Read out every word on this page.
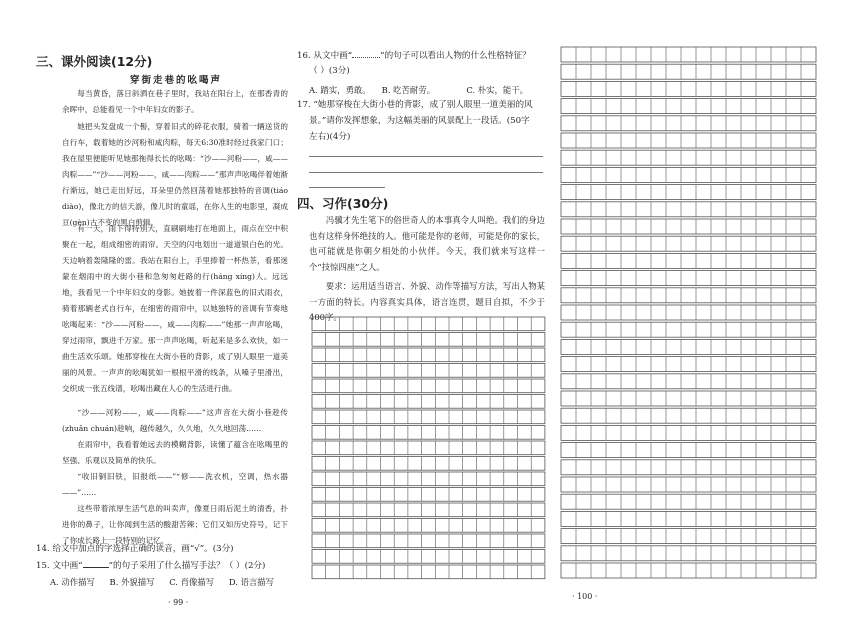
三、课外阅读(12分)
穿街走巷的吆喝声
每当黄昏，落日斜洒在巷子里时，我站在阳台上，在那香青的余晖中，总能看见一个中年妇女的影子。
她把头发盘成一个髻，穿着旧式的碎花衣服，骑着一辆送货的自行车，载着她的沙河粉和咸肉粽，每天6:30准时经过我家门口；我在屋里便能听见她那拖得长长的吆喝：“沙——河粉——，咸——肉粽——”“沙——河粉——，咸——肉粽——”那声声吆喝伴着她渐行渐远，她已走出好远，耳朵里仍然回荡着她那独特的音调(tiáo diào)，像北方的信天游，像儿时的童谣，在你人生的电影里，凝成亘(gèn)古不变的黑白剪辑。
有一天，雨下得特别大，直刷刷地打在地面上，雨点在空中积聚在一起，组成细密的雨帘。天空的闪电划出一道道银白色的光。天边响着轰隆隆的雷。我站在阳台上，手里捧着一杯热茶，看那迷蒙在烟雨中的大街小巷和急匆匆赶路的行(háng xíng)人。远远地，我看见一个中年妇女的身影。她披着一件深蓝色的旧式雨衣，骑着那辆老式自行车，在细密的雨帘中，以她独特的音调有节奏地吆喝起来：“沙——河粉——，咸——肉粽——”她那一声声吆喝，穿过雨帘，飘进千万家。那一声声吆喝，听起来是多么欢快，如一曲生活欢乐颂。她那穿梭在大街小巷的背影，成了别人眼里一道美丽的风景。一声声的吆喝犹如一根根平滑的线条，从嗓子里滑出，交织成一张五线谱，吆喝出藏在人心的生活进行曲。
“沙——河粉——，咸——肉粽——”这声音在大街小巷趁传(zhuǎn chuán)趁响，越传越久，久久地，久久地回荡……
在雨帘中，我看着她远去的模糊背影，读懂了蕴含在吆喝里的坚强、乐观以及简单的快乐。
“收旧铜旧铁，旧报纸——”“修——洗衣机，空调，热水器——”……
这些带着浓厚生活气息的叫卖声，像夏日雨后泥土的清香，扑进你的鼻子，让你闻到生活的酸甜苦辣；它们又如历史符号，记下了你成长路上一段特别的记忆。
14. 给文中加点的字选择正确的读音，画“√”。(3分)
15. 文中画“	”的句子采用了什么描写手法？（ ）(2分)
A. 动作描写 B. 外貌描写 C. 肖像描写 D. 语言描写
· 99 ·
16. 从文中画“	”的句子可以看出人物的什么性格特征？
（ ）(3分)
A. 踏实，勇敢。 B. 吃苦耐劳。	C. 朴实，能干。
17. “她那穿梭在大街小巷的背影，成了别人眼里一道美丽的风
景。”请你发挥想象，为这幅美丽的风景配上一段话。(50字
左右)(4分)
四、习作(30分)
冯骥才先生笔下的俗世奇人的本事真令人叫绝。我们的身边也有这样身怀绝技的人。他可能是你的老师，可能是你的家长，也可能就是你朝夕相处的小伙伴。今天，我们就来写这样一个“技惊四座”之人。
要求：运用适当语言、外貌、动作等描写方法，写出人物某一方面的特长。内容真实具体，语言连贯，题目自拟，不少于400字。
· 100 ·
